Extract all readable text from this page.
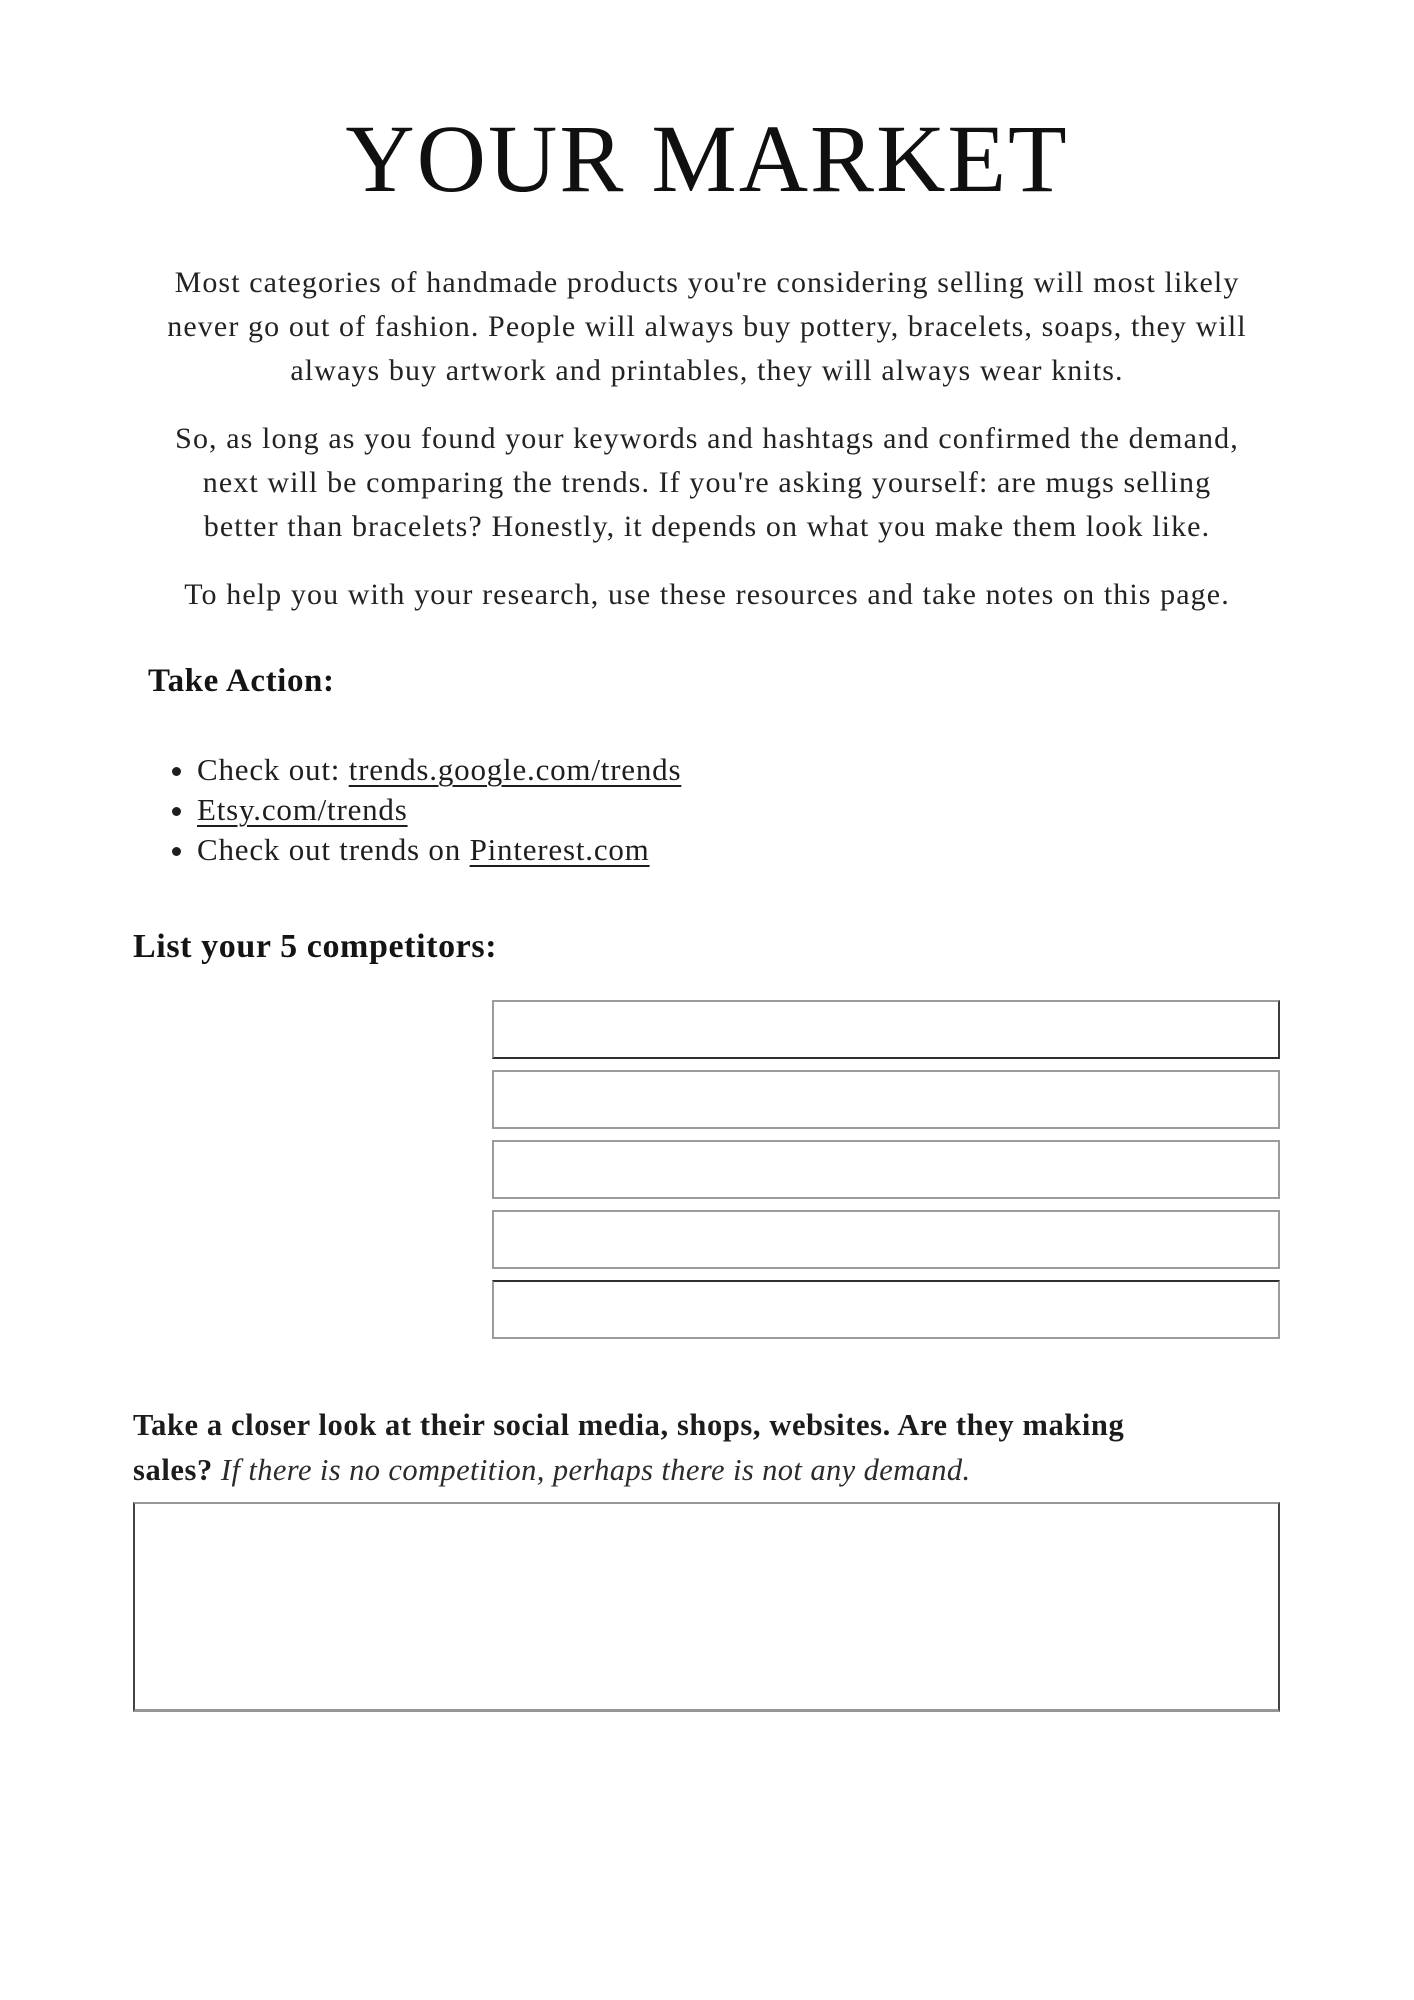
YOUR MARKET

Most categories of handmade products you're considering selling will most likely never go out of fashion. People will always buy pottery, bracelets, soaps, they will always buy artwork and printables, they will always wear knits.

So, as long as you found your keywords and hashtags and confirmed the demand, next will be comparing the trends. If you're asking yourself: are mugs selling better than bracelets? Honestly, it depends on what you make them look like.

To help you with your research, use these resources and take notes on this page.

Take Action:
• Check out: trends.google.com/trends
• Etsy.com/trends
• Check out trends on Pinterest.com
List your 5 competitors:

Take a closer look at their social media, shops, websites. Are they making sales? If there is no competition, perhaps there is not any demand.
